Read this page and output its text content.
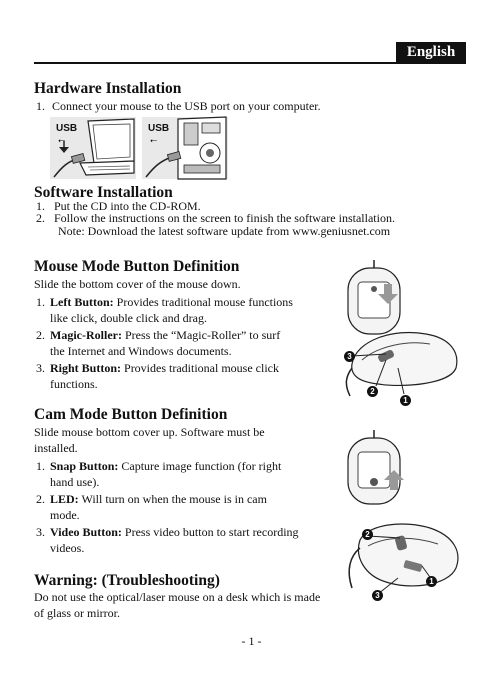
English
Hardware Installation
1. Connect your mouse to the USB port on your computer.
USB
⭠
USB
⭠
Software Installation
1. Put the CD into the CD-ROM.
2. Follow the instructions on the screen to finish the software installation.
Note: Download the latest software update from www.geniusnet.com
Mouse Mode Button Definition
Slide the bottom cover of the mouse down.
1. Left Button: Provides traditional mouse functions
like click, double click and drag.
2. Magic-Roller: Press the “Magic-Roller” to surf
the Internet and Windows documents.
3. Right Button: Provides traditional mouse click
functions.
3
2
1
Cam Mode Button Definition
Slide mouse bottom cover up. Software must be
installed.
1. Snap Button: Capture image function (for right
hand use).
2. LED: Will turn on when the mouse is in cam
mode.
3. Video Button: Press video button to start recording
videos.
2
1
3
Warning: (Troubleshooting)
Do not use the optical/laser mouse on a desk which is made
of glass or mirror.
- 1 -
